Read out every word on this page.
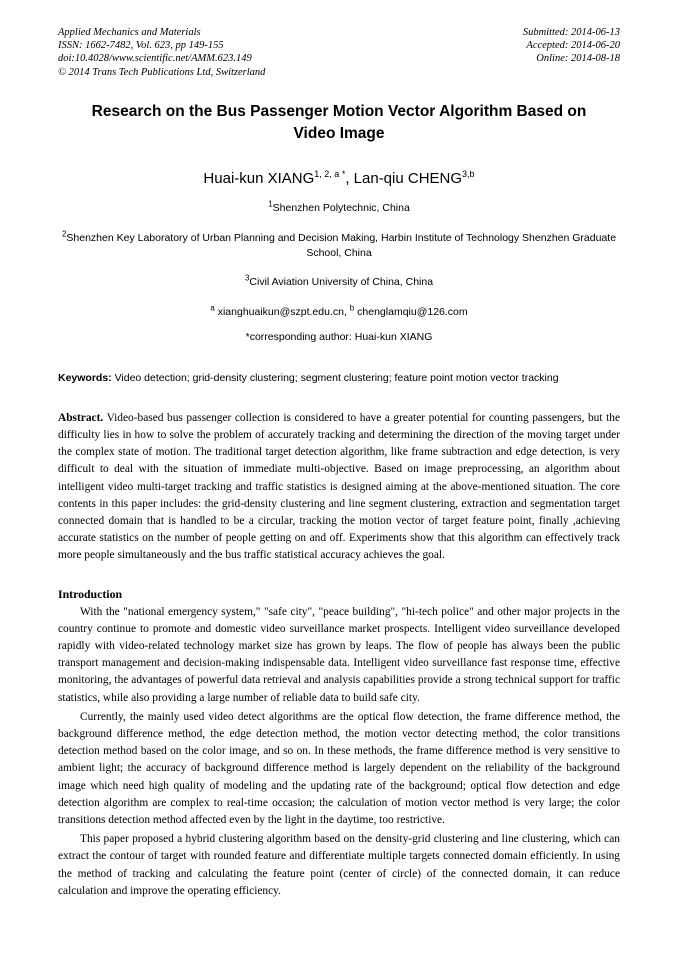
Applied Mechanics and Materials
ISSN: 1662-7482, Vol. 623, pp 149-155
doi:10.4028/www.scientific.net/AMM.623.149
© 2014 Trans Tech Publications Ltd, Switzerland
Submitted: 2014-06-13
Accepted: 2014-06-20
Online: 2014-08-18
Research on the Bus Passenger Motion Vector Algorithm Based on Video Image
Huai-kun $XIANG^{1, 2, a *}$, Lan-qiu CHENG$^{3,b}$
$^1$Shenzhen Polytechnic, China
$^2$Shenzhen Key Laboratory of Urban Planning and Decision Making, Harbin Institute of Technology Shenzhen Graduate School, China
$^3$Civil Aviation University of China, China
$^a$ xianghuaikun@szpt.edu.cn, $^b$ chenglamqiu@126.com
*corresponding author: Huai-kun XIANG
Keywords: Video detection; grid-density clustering; segment clustering; feature point motion vector tracking
Abstract. Video-based bus passenger collection is considered to have a greater potential for counting passengers, but the difficulty lies in how to solve the problem of accurately tracking and determining the direction of the moving target under the complex state of motion. The traditional target detection algorithm, like frame subtraction and edge detection, is very difficult to deal with the situation of immediate multi-objective. Based on image preprocessing, an algorithm about intelligent video multi-target tracking and traffic statistics is designed aiming at the above-mentioned situation. The core contents in this paper includes: the grid-density clustering and line segment clustering, extraction and segmentation target connected domain that is handled to be a circular, tracking the motion vector of target feature point, finally ,achieving accurate statistics on the number of people getting on and off. Experiments show that this algorithm can effectively track more people simultaneously and the bus traffic statistical accuracy achieves the goal.
Introduction
With the "national emergency system," "safe city", "peace building", "hi-tech police" and other major projects in the country continue to promote and domestic video surveillance market prospects. Intelligent video surveillance developed rapidly with video-related technology market size has grown by leaps. The flow of people has always been the public transport management and decision-making indispensable data. Intelligent video surveillance fast response time, effective monitoring, the advantages of powerful data retrieval and analysis capabilities provide a strong technical support for traffic statistics, while also providing a large number of reliable data to build safe city.
Currently, the mainly used video detect algorithms are the optical flow detection, the frame difference method, the background difference method, the edge detection method, the motion vector detecting method, the color transitions detection method based on the color image, and so on. In these methods, the frame difference method is very sensitive to ambient light; the accuracy of background difference method is largely dependent on the reliability of the background image which need high quality of modeling and the updating rate of the background; optical flow detection and edge detection algorithm are complex to real-time occasion; the calculation of motion vector method is very large; the color transitions detection method affected even by the light in the daytime, too restrictive.
This paper proposed a hybrid clustering algorithm based on the density-grid clustering and line clustering, which can extract the contour of target with rounded feature and differentiate multiple targets connected domain efficiently. In using the method of tracking and calculating the feature point (center of circle) of the connected domain, it can reduce calculation and improve the operating efficiency.
